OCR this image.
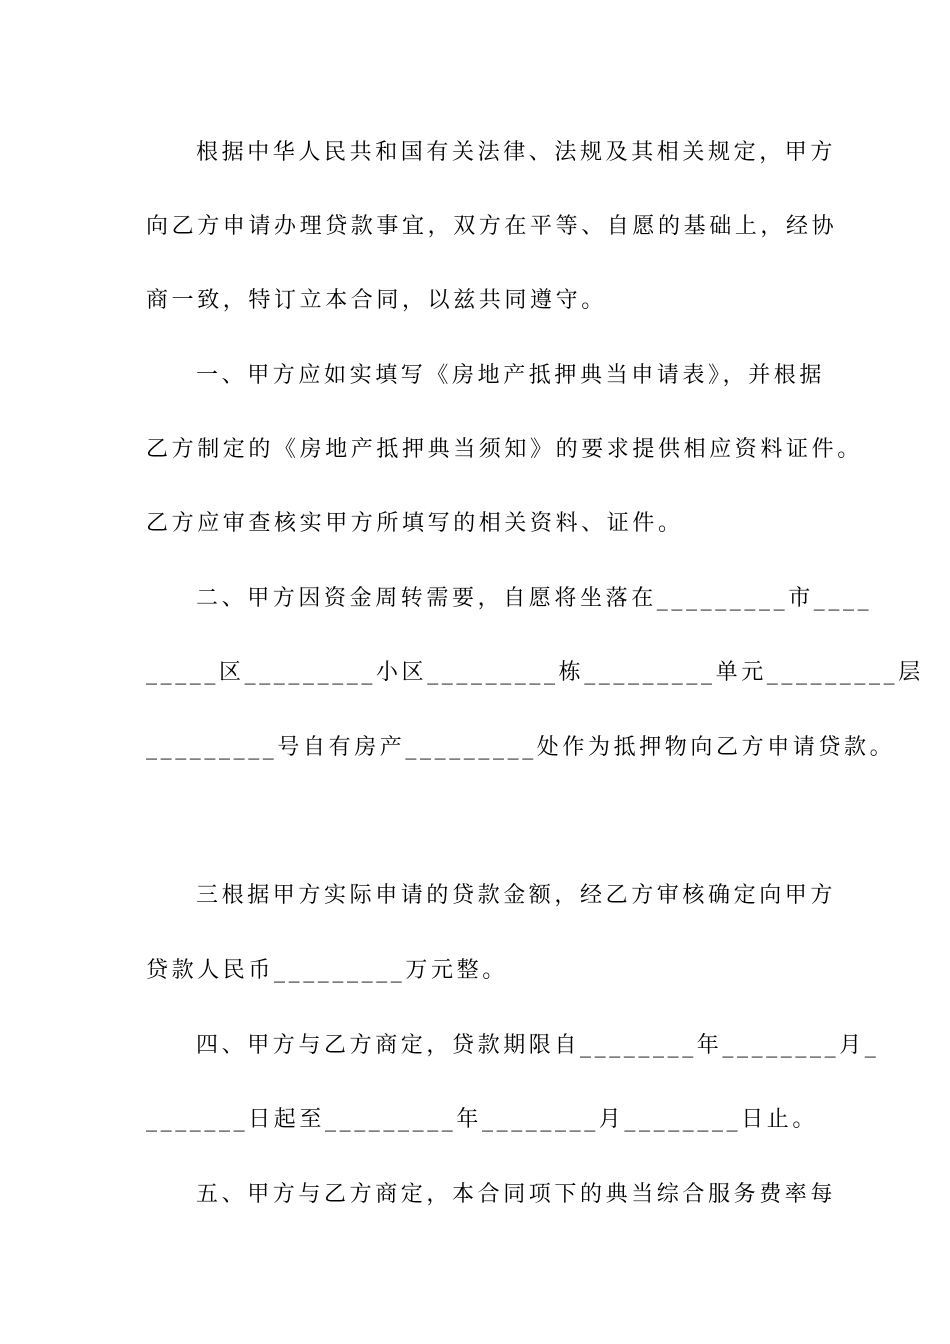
根据中华人民共和国有关法律、法规及其相关规定，甲方
向乙方申请办理贷款事宜，双方在平等、自愿的基础上，经协
商一致，特订立本合同，以兹共同遵守。
一、甲方应如实填写《房地产抵押典当申请表》，并根据
乙方制定的《房地产抵押典当须知》的要求提供相应资料证件。
乙方应审查核实甲方所填写的相关资料、证件。
二、甲方因资金周转需要，自愿将坐落在_________市____
_____区_________小区_________栋_________单元_________层
_________号自有房产_________处作为抵押物向乙方申请贷款。
三根据甲方实际申请的贷款金额，经乙方审核确定向甲方
贷款人民币_________万元整。
四、甲方与乙方商定，贷款期限自________年________月_
_______日起至_________年________月________日止。
五、甲方与乙方商定，本合同项下的典当综合服务费率每
